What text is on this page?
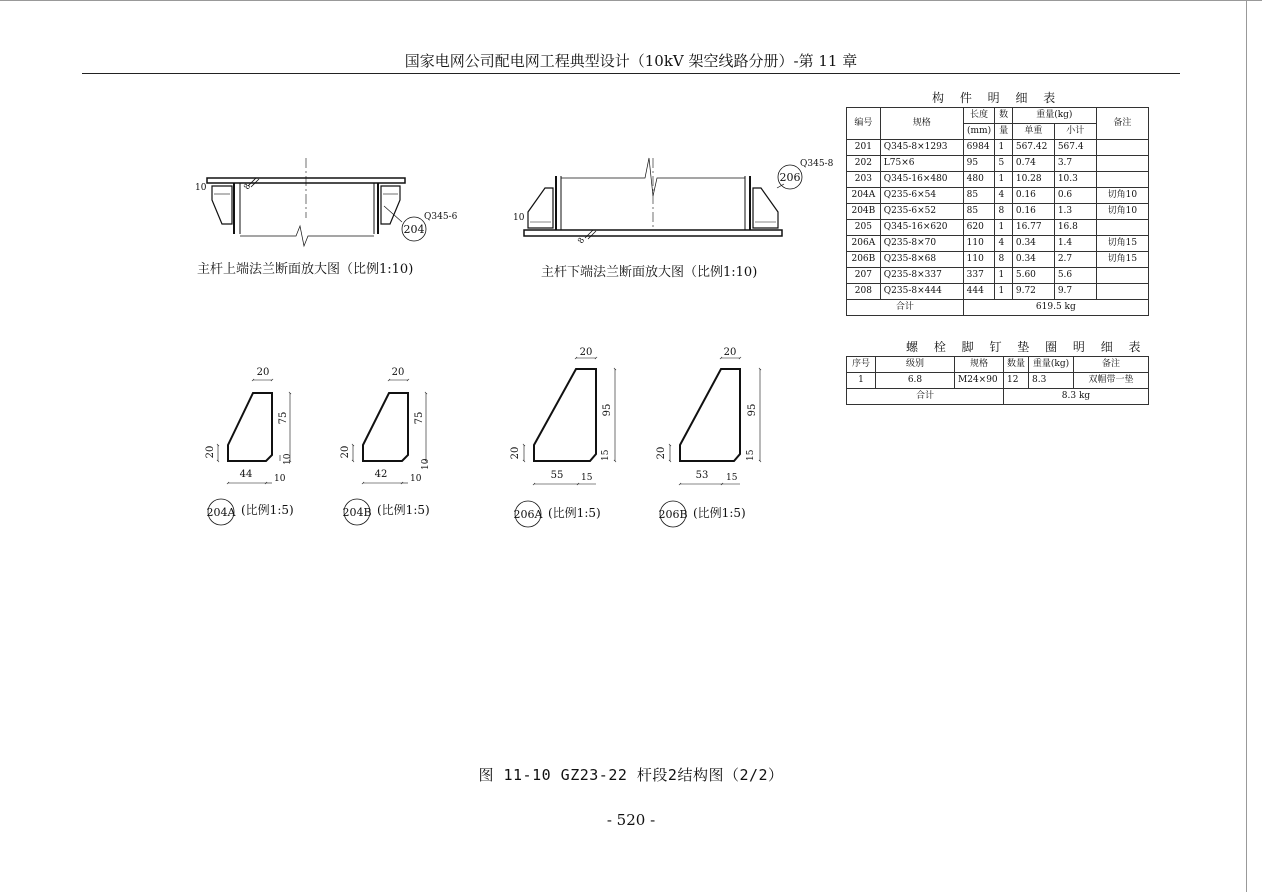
国家电网公司配电网工程典型设计（10kV 架空线路分册）-第 11 章
10	8
Q345-6
204
主杆上端法兰断面放大图（比例1:10)
10
8
Q345-8
206
主杆下端法兰断面放大图（比例1:10)
20
75
20
44 10
10
204A (比例1:5)
20
75
20
42	10
10
204B (比例1:5)
20
95
20
55 15
15
206A (比例1:5)
20
95
20
53 15
15
206B (比例1:5)
构 件 明 细 表
编号	规格	长度	数	重量(kg)		备注
		(mm)	量	单重	小计	
201	Q345-8×1293	6984	1	567.42	567.4	
202	L75×6	95	5	0.74	3.7	
203	Q345-16×480	480	1	10.28	10.3	
204A	Q235-6×54	85	4	0.16	0.6	切角10
204B	Q235-6×52	85	8	0.16	1.3	切角10
205	Q345-16×620	620	1	16.77	16.8	
206A	Q235-8×70	110	4	0.34	1.4	切角15
206B	Q235-8×68	110	8	0.34	2.7	切角15
207	Q235-8×337	337	1	5.60	5.6	
208	Q235-8×444	444	1	9.72	9.7	
合计		619.5 kg				
螺 栓 脚 钉 垫 圈 明 细 表
序号	级别	规格	数量	重量(kg)	备注
1	6.8	M24×90	12	8.3	双帽带一垫
合计			8.3 kg		
图 11-10 GZ23-22 杆段2结构图（2/2）
- 520 -
